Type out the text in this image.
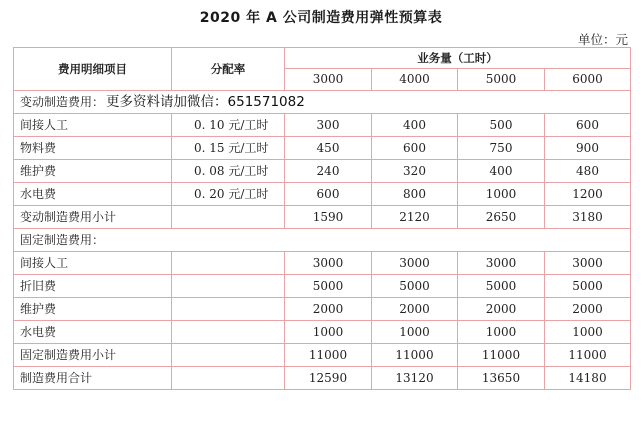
2020 年 A 公司制造费用弹性预算表
单位：元
费用明细项目	分配率	业务量（工时）			
		3000	4000	5000	6000
变动制造费用： 更多资料请加微信：651571082					
间接人工	0. 10 元/工时	300	400	500	600
物料费	0. 15 元/工时	450	600	750	900
维护费	0. 08 元/工时	240	320	400	480
水电费	0. 20 元/工时	600	800	1000	1200
变动制造费用小计		1590	2120	2650	3180
固定制造费用：					
间接人工		3000	3000	3000	3000
折旧费		5000	5000	5000	5000
维护费		2000	2000	2000	2000
水电费		1000	1000	1000	1000
固定制造费用小计		11000	11000	11000	11000
制造费用合计		12590	13120	13650	14180
